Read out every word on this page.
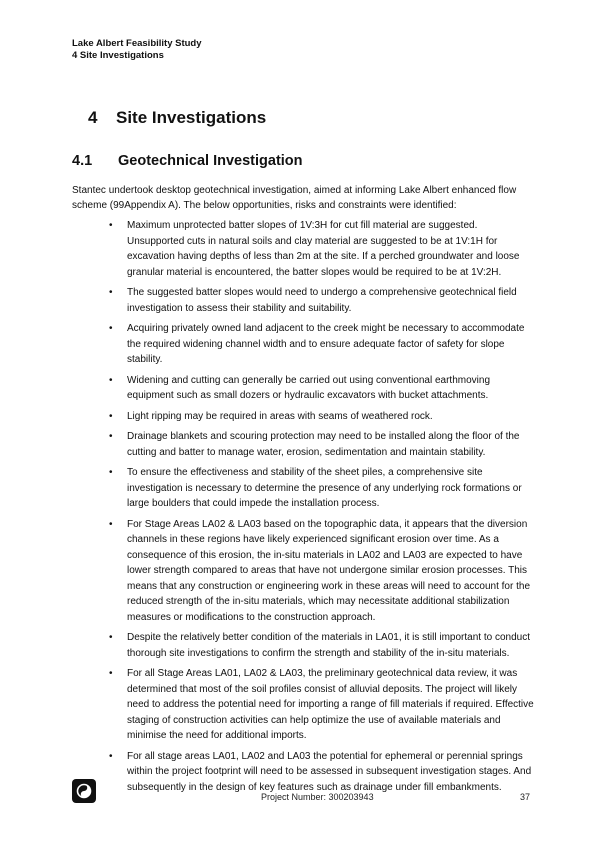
Lake Albert Feasibility Study
4 Site Investigations
4 Site Investigations
4.1 Geotechnical Investigation
Stantec undertook desktop geotechnical investigation, aimed at informing Lake Albert enhanced flow scheme (99Appendix A). The below opportunities, risks and constraints were identified:
• Maximum unprotected batter slopes of 1V:3H for cut fill material are suggested. Unsupported cuts in natural soils and clay material are suggested to be at 1V:1H for excavation having depths of less than 2m at the site. If a perched groundwater and loose granular material is encountered, the batter slopes would be required to be at 1V:2H.
• The suggested batter slopes would need to undergo a comprehensive geotechnical field investigation to assess their stability and suitability.
• Acquiring privately owned land adjacent to the creek might be necessary to accommodate the required widening channel width and to ensure adequate factor of safety for slope stability.
• Widening and cutting can generally be carried out using conventional earthmoving equipment such as small dozers or hydraulic excavators with bucket attachments.
• Light ripping may be required in areas with seams of weathered rock.
• Drainage blankets and scouring protection may need to be installed along the floor of the cutting and batter to manage water, erosion, sedimentation and maintain stability.
• To ensure the effectiveness and stability of the sheet piles, a comprehensive site investigation is necessary to determine the presence of any underlying rock formations or large boulders that could impede the installation process.
• For Stage Areas LA02 & LA03 based on the topographic data, it appears that the diversion channels in these regions have likely experienced significant erosion over time. As a consequence of this erosion, the in-situ materials in LA02 and LA03 are expected to have lower strength compared to areas that have not undergone similar erosion processes. This means that any construction or engineering work in these areas will need to account for the reduced strength of the in-situ materials, which may necessitate additional stabilization measures or modifications to the construction approach.
• Despite the relatively better condition of the materials in LA01, it is still important to conduct thorough site investigations to confirm the strength and stability of the in-situ materials.
• For all Stage Areas LA01, LA02 & LA03, the preliminary geotechnical data review, it was determined that most of the soil profiles consist of alluvial deposits. The project will likely need to address the potential need for importing a range of fill materials if required. Effective staging of construction activities can help optimize the use of available materials and minimise the need for additional imports.
• For all stage areas LA01, LA02 and LA03 the potential for ephemeral or perennial springs within the project footprint will need to be assessed in subsequent investigation stages. And subsequently in the design of key features such as drainage under fill embankments.
Project Number: 300203943	37
